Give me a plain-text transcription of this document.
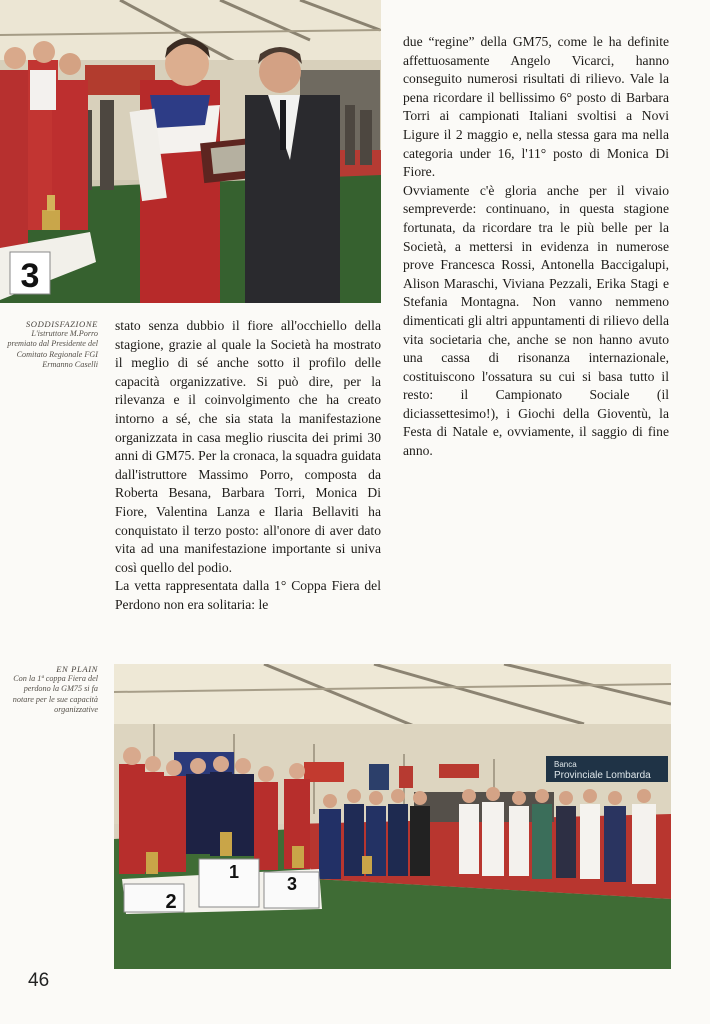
3
SODDISFAZIONE
L'istruttore M.Porro premiato dal Presidente del Comitato Regionale FGI Ermanno Caselli

stato senza dubbio il fiore all'occhiello della stagione, grazie al quale la Società ha mostrato il meglio di sé anche sotto il profilo delle capacità organizzative. Si può dire, per la rilevanza e il coinvolgimento che ha creato intorno a sé, che sia stata la manifestazione organizzata in casa meglio riuscita dei primi 30 anni di GM75. Per la cronaca, la squadra guidata dall'istruttore Massimo Porro, composta da Roberta Besana, Barbara Torri, Monica Di Fiore, Valentina Lanza e Ilaria Bellaviti ha conquistato il terzo posto: all'onore di aver dato vita ad una manifestazione importante si univa così quello del podio.

La vetta rappresentata dalla 1° Coppa Fiera del Perdono non era solitaria: le

due “regine” della GM75, come le ha definite affettuosamente Angelo Vicarci, hanno conseguito numerosi risultati di rilievo. Vale la pena ricordare il bellissimo 6° posto di Barbara Torri ai campionati Italiani svoltisi a Novi Ligure il 2 maggio e, nella stessa gara ma nella categoria under 16, l'11° posto di Monica Di Fiore.

Ovviamente c'è gloria anche per il vivaio sempreverde: continuano, in questa stagione fortunata, da ricordare tra le più belle per la Società, a mettersi in evidenza in numerose prove Francesca Rossi, Antonella Baccigalupi, Alison Maraschi, Viviana Pezzali, Erika Stagi e Stefania Montagna. Non vanno nemmeno dimenticati gli altri appuntamenti di rilievo della vita societaria che, anche se non hanno avuto una cassa di risonanza internazionale, costituiscono l'ossatura su cui si basa tutto il resto: il Campionato Sociale (il diciassettesimo!), i Giochi della Gioventù, la Festa di Natale e, ovviamente, il saggio di fine anno.

EN PLAIN
Con la 1ª coppa Fiera del perdono la GM75 si fa notare per le sue capacità organizzative
Banca
Provinciale Lombarda
2
1
3
46
